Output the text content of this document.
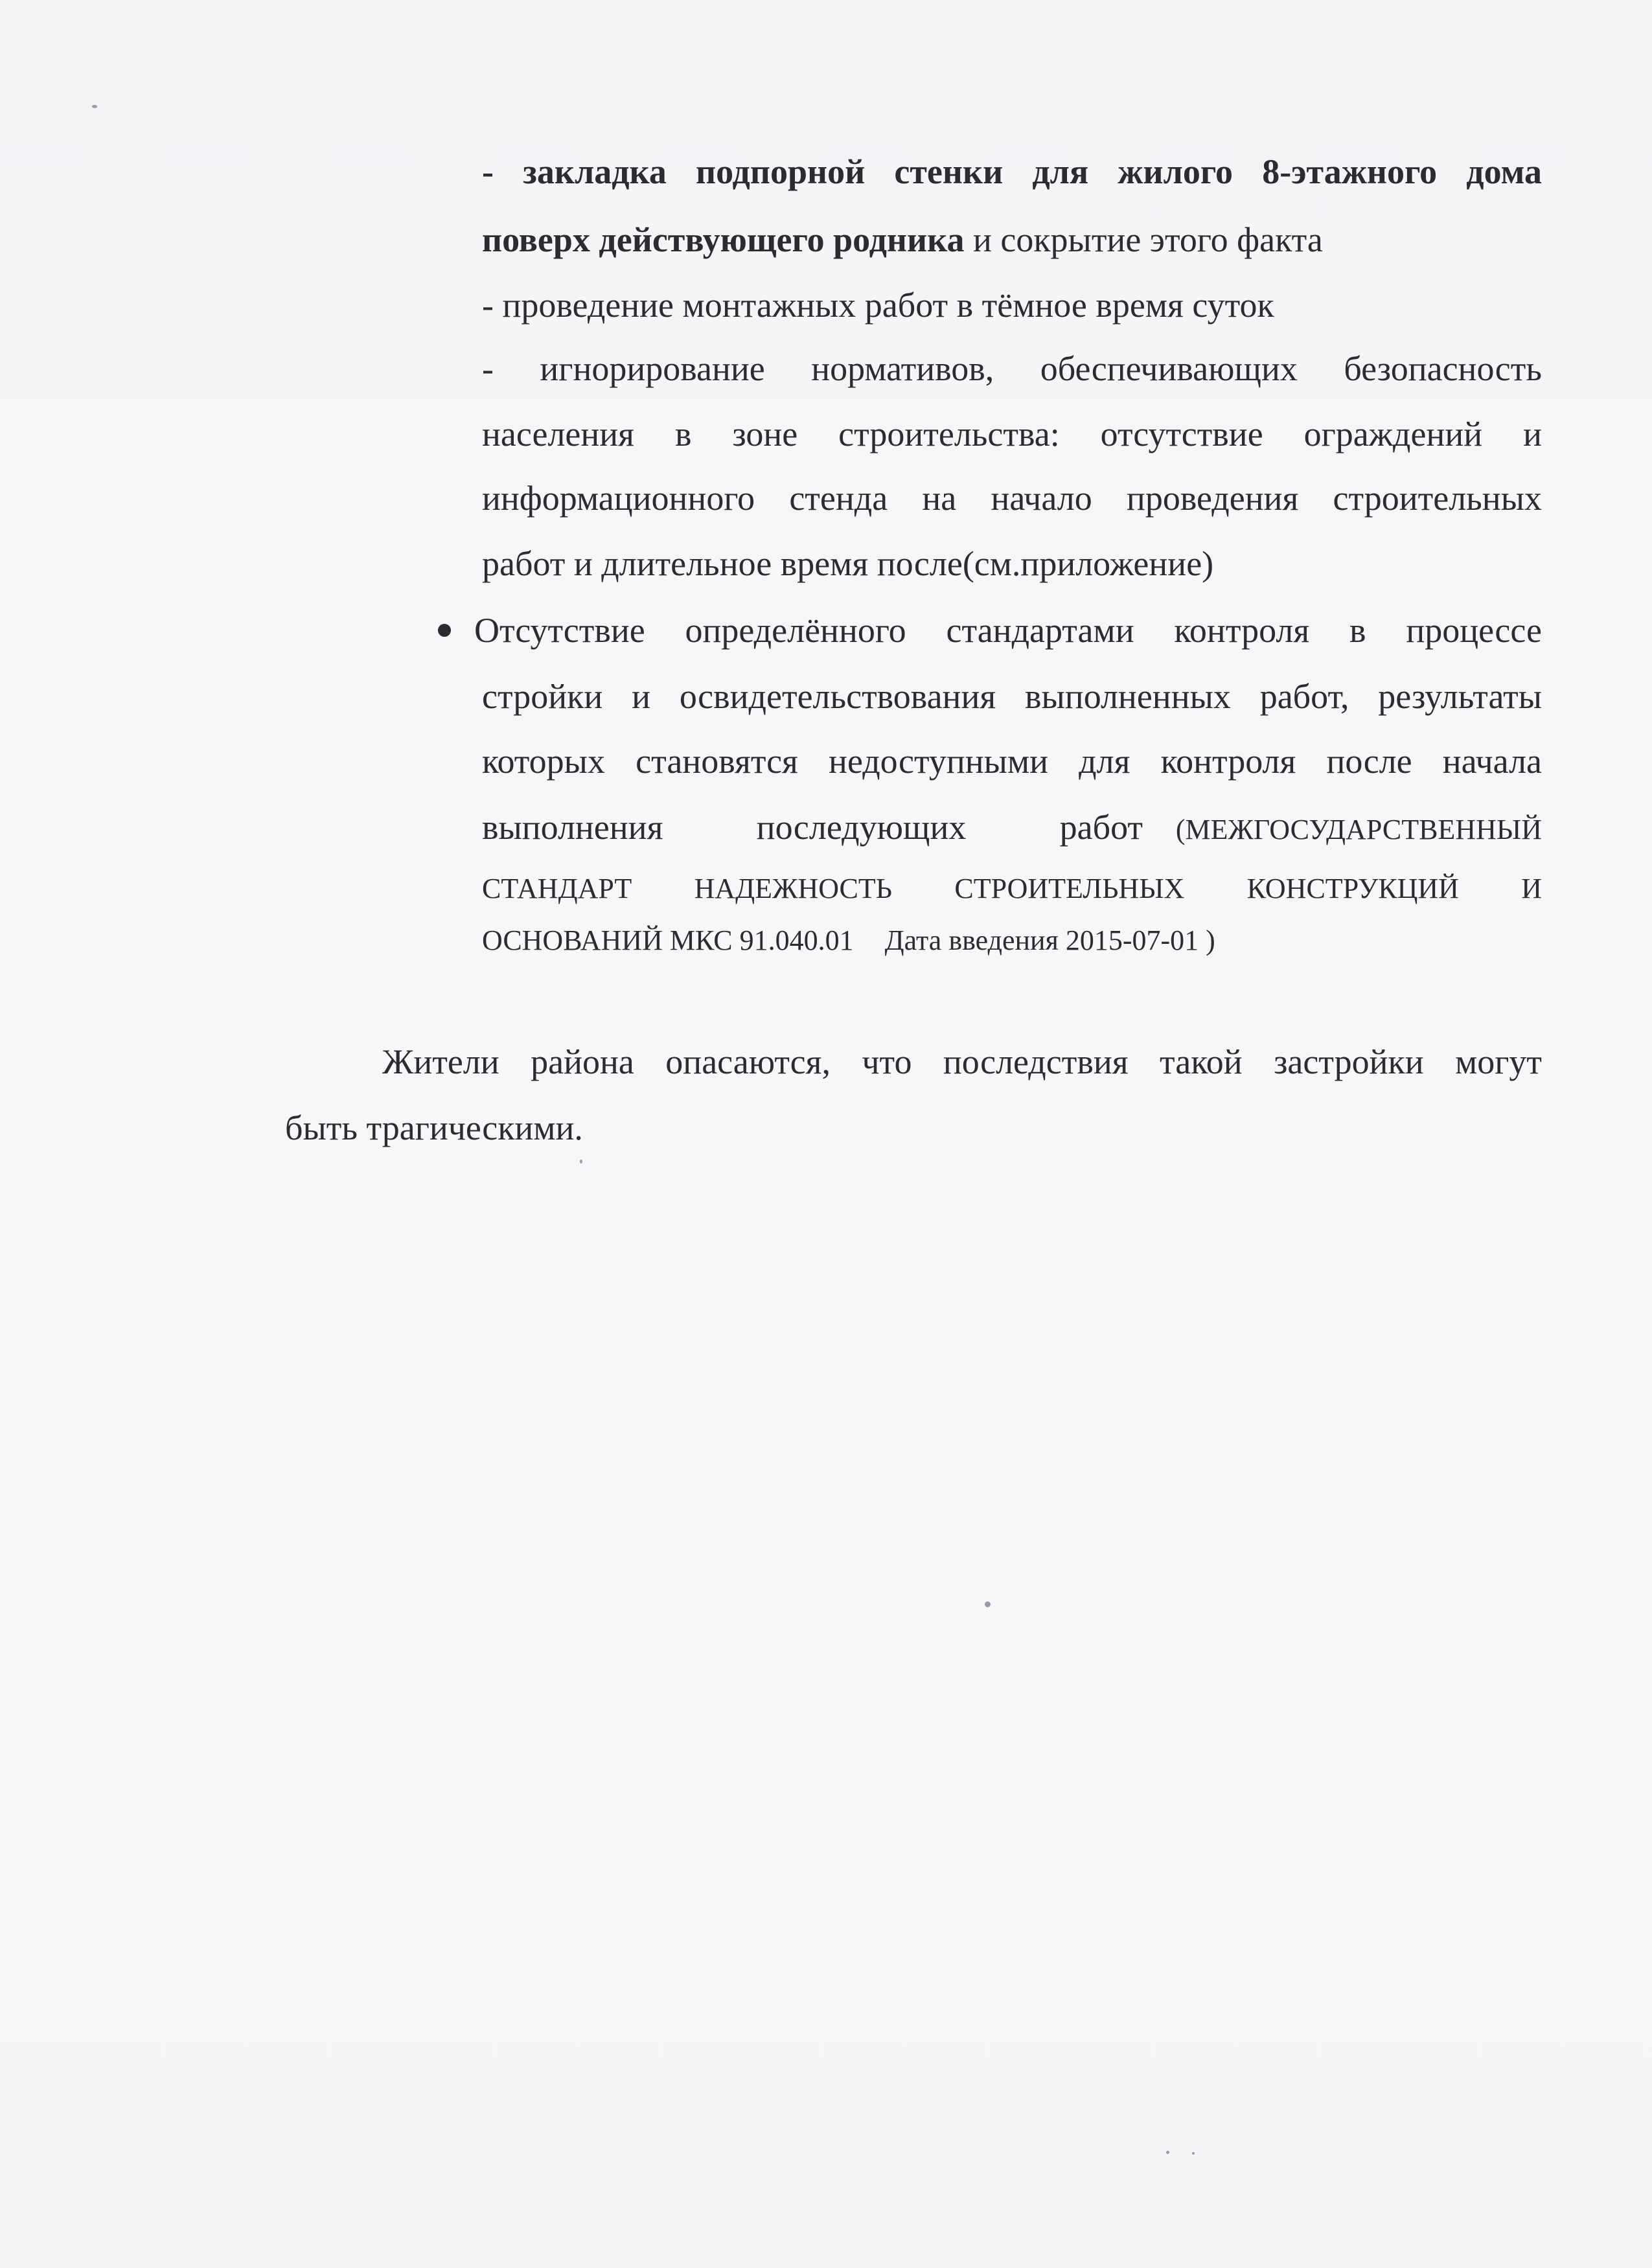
- закладка подпорной стенки для жилого 8-этажного дома
поверх действующего родника и сокрытие этого факта
- проведение монтажных работ в тёмное время суток
- игнорирование нормативов, обеспечивающих безопасность
населения в зоне строительства: отсутствие ограждений и
информационного стенда на начало проведения строительных
работ и длительное время после(см.приложение)
Отсутствие определённого стандартами контроля в процессе
стройки и освидетельствования выполненных работ, результаты
которых становятся недоступными для контроля после начала
выполнения последующих работ (МЕЖГОСУДАРСТВЕННЫЙ
СТАНДАРТ НАДЕЖНОСТЬ СТРОИТЕЛЬНЫХ КОНСТРУКЦИЙ И
ОСНОВАНИЙ МКС 91.040.01 Дата введения 2015-07-01 )
Жители района опасаются, что последствия такой застройки могут
быть трагическими.
